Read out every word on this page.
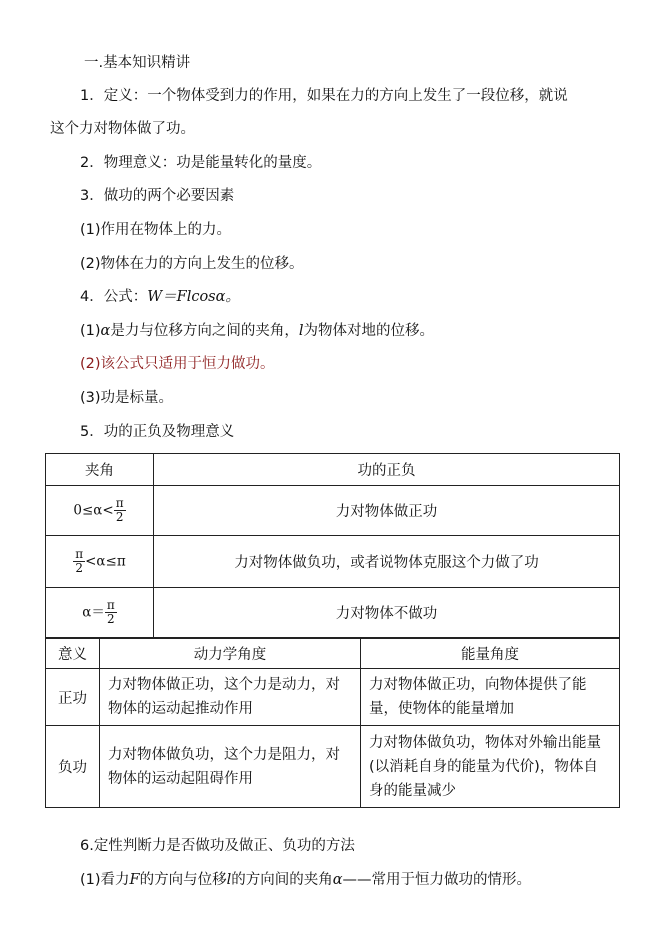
一.基本知识精讲
1．定义：一个物体受到力的作用，如果在力的方向上发生了一段位移，就说
这个力对物体做了功。
2．物理意义：功是能量转化的量度。
3．做功的两个必要因素
(1)作用在物体上的力。
(2)物体在力的方向上发生的位移。
4．公式：W＝Flcosα。
(1)α是力与位移方向之间的夹角，l为物体对地的位移。
(2)该公式只适用于恒力做功。
(3)功是标量。
5．功的正负及物理意义
夹角	功的正负
$0\le\alpha< \frac{\pi}{2}$	力对物体做正功

$\frac{\pi}{2} <\alpha\le\pi$	力对物体做负功，或者说物体克服这个力做了功
$\alpha= \frac{\pi}{2}$	力对物体不做功
意义	动力学角度	能量角度
正功	力对物体做正功，这个力是动力，对物体的运动起推动作用	力对物体做正功，向物体提供了能量，使物体的能量增加

负功	力对物体做负功，这个力是阻力，对物体的运动起阻碍作用	力对物体做负功，物体对外输出能量(以消耗自身的能量为代价)，物体自身的能量减少
6.定性判断力是否做功及做正、负功的方法
(1)看力F的方向与位移l的方向间的夹角α——常用于恒力做功的情形。
